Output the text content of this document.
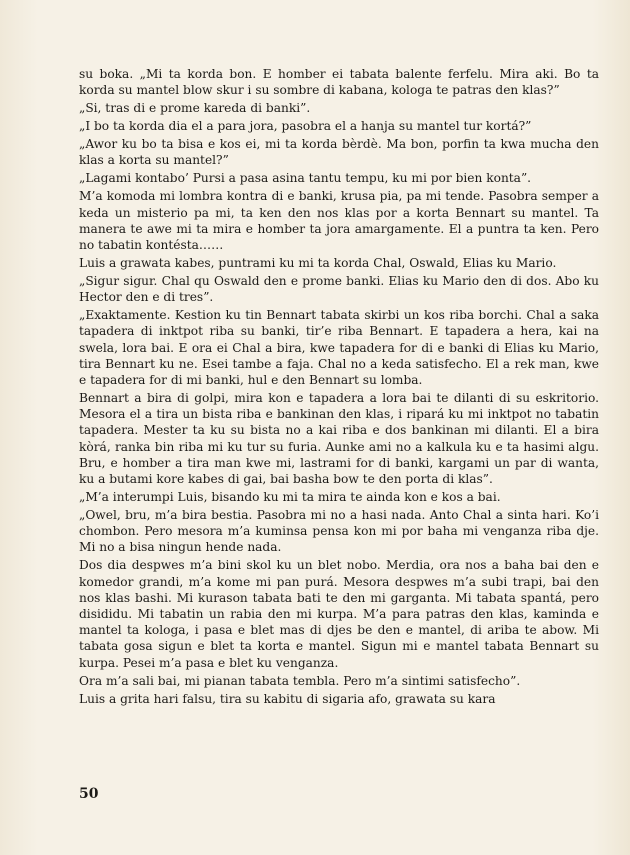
su boka. „Mi ta korda bon. E homber ei tabata balente ferfelu. Mira aki. Bo ta korda su mantel blow skur i su sombre di kabana, kologa te patras den klas?”

„Si, tras di e prome kareda di banki”.

„I bo ta korda dia el a para jora, pasobra el a hanja su mantel tur kortá?”

„Awor ku bo ta bisa e kos ei, mi ta korda bèrdè. Ma bon, porfin ta kwa mucha den klas a korta su mantel?”

„Lagami kontabo’ Pursi a pasa asina tantu tempu, ku mi por bien konta”.

M’a komoda mi lombra kontra di e banki, krusa pia, pa mi tende. Pasobra semper a keda un misterio pa mi, ta ken den nos klas por a korta Bennart su mantel. Ta manera te awe mi ta mira e homber ta jora amargamente. El a puntra ta ken. Pero no tabatin kontésta……

Luis a grawata kabes, puntrami ku mi ta korda Chal, Oswald, Elias ku Mario.

„Sigur sigur. Chal qu Oswald den e prome banki. Elias ku Mario den di dos. Abo ku Hector den e di tres”.

„Exaktamente. Kestion ku tin Bennart tabata skirbi un kos riba borchi. Chal a saka tapadera di inktpot riba su banki, tir’e riba Bennart. E tapadera a hera, kai na swela, lora bai. E ora ei Chal a bira, kwe tapadera for di e banki di Elias ku Mario, tira Bennart ku ne. Esei tambe a faja. Chal no a keda satisfecho. El a rek man, kwe e tapadera for di mi banki, hul e den Bennart su lomba.

Bennart a bira di golpi, mira kon e tapadera a lora bai te dilanti di su eskritorio. Mesora el a tira un bista riba e bankinan den klas, i ripará ku mi inktpot no tabatin tapadera. Mester ta ku su bista no a kai riba e dos bankinan mi dilanti. El a bira kòrá, ranka bin riba mi ku tur su furia. Aunke ami no a kalkula ku e ta hasimi algu. Bru, e homber a tira man kwe mi, lastrami for di banki, kargami un par di wanta, ku a butami kore kabes di gai, bai basha bow te den porta di klas”.

„M’a interumpi Luis, bisando ku mi ta mira te ainda kon e kos a bai.

„Owel, bru, m’a bira bestia. Pasobra mi no a hasi nada. Anto Chal a sinta hari. Ko’i chombon. Pero mesora m’a kuminsa pensa kon mi por baha mi venganza riba dje. Mi no a bisa ningun hende nada.

Dos dia despwes m’a bini skol ku un blet nobo. Merdia, ora nos a baha bai den e komedor grandi, m’a kome mi pan purá. Mesora despwes m’a subi trapi, bai den nos klas bashi. Mi kurason tabata bati te den mi garganta. Mi tabata spantá, pero disididu. Mi tabatin un rabia den mi kurpa. M’a para patras den klas, kaminda e mantel ta kologa, i pasa e blet mas di djes be den e mantel, di ariba te abow. Mi tabata gosa sigun e blet ta korta e mantel. Sigun mi e mantel tabata Bennart su kurpa. Pesei m’a pasa e blet ku venganza.

Ora m’a sali bai, mi pianan tabata tembla. Pero m’a sintimi satisfecho”.

Luis a grita hari falsu, tira su kabitu di sigaria afo, grawata su kara

50
